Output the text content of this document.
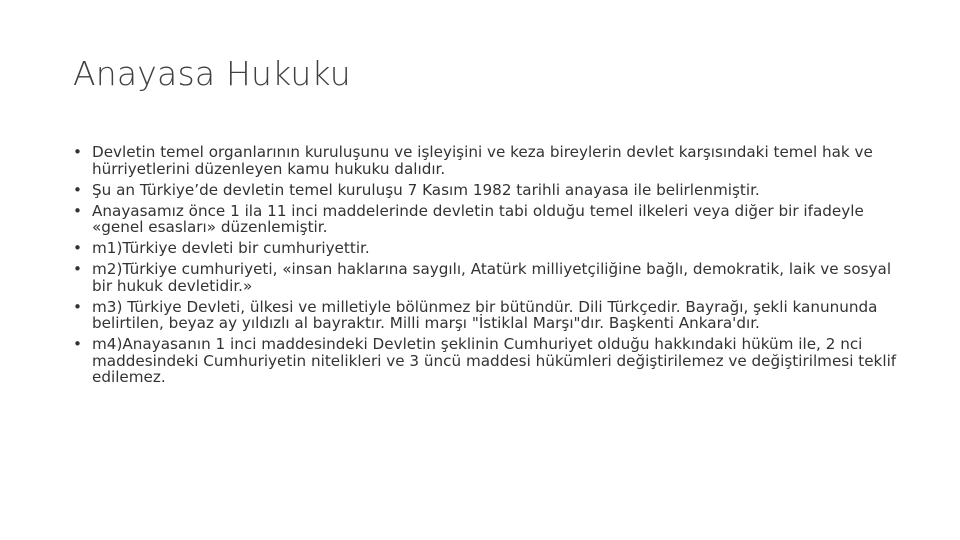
Anayasa Hukuku
• Devletin temel organlarının kuruluşunu ve işleyişini ve keza bireylerin devlet karşısındaki temel hak ve hürriyetlerini düzenleyen kamu hukuku dalıdır.
• Şu an Türkiye’de devletin temel kuruluşu 7 Kasım 1982 tarihli anayasa ile belirlenmiştir.
• Anayasamız önce 1 ila 11 inci maddelerinde devletin tabi olduğu temel ilkeleri veya diğer bir ifadeyle «genel esasları» düzenlemiştir.
• m1)Türkiye devleti bir cumhuriyettir.
• m2)Türkiye cumhuriyeti, «insan haklarına saygılı, Atatürk milliyetçiliğine bağlı, demokratik, laik ve sosyal bir hukuk devletidir.»
• m3) Türkiye Devleti, ülkesi ve milletiyle bölünmez bir bütündür. Dili Türkçedir. Bayrağı, şekli kanununda belirtilen, beyaz ay yıldızlı al bayraktır. Milli marşı "İstiklal Marşı"dır. Başkenti Ankara'dır.
• m4)Anayasanın 1 inci maddesindeki Devletin şeklinin Cumhuriyet olduğu hakkındaki hüküm ile, 2 nci maddesindeki Cumhuriyetin nitelikleri ve 3 üncü maddesi hükümleri değiştirilemez ve değiştirilmesi teklif edilemez.
